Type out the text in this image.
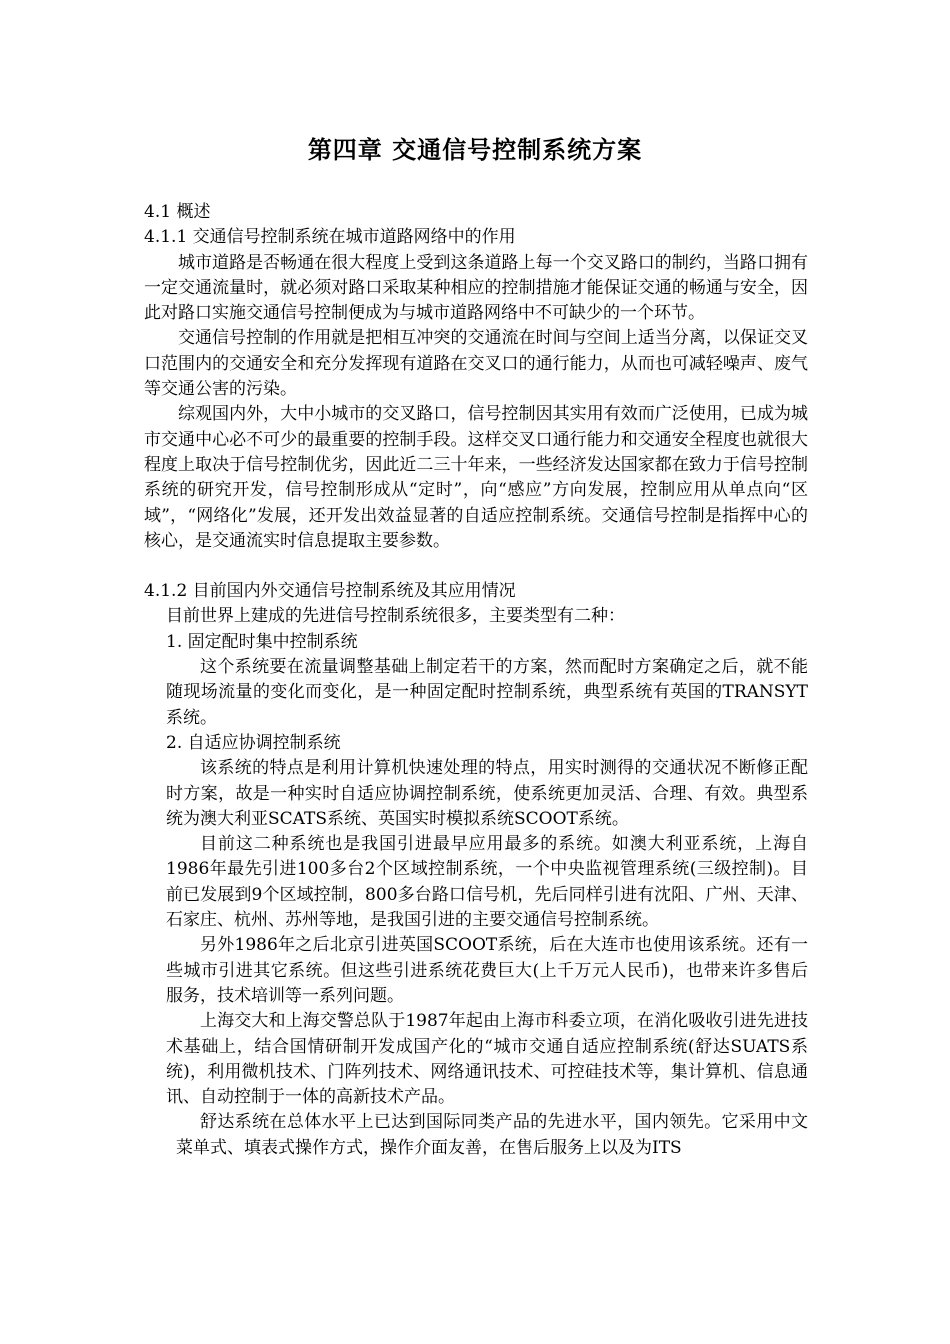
第四章 交通信号控制系统方案

4.1 概述

4.1.1 交通信号控制系统在城市道路网络中的作用

城市道路是否畅通在很大程度上受到这条道路上每一个交叉路口的制约，当路口拥有一定交通流量时，就必须对路口采取某种相应的控制措施才能保证交通的畅通与安全，因此对路口实施交通信号控制便成为与城市道路网络中不可缺少的一个环节。

交通信号控制的作用就是把相互冲突的交通流在时间与空间上适当分离，以保证交叉口范围内的交通安全和充分发挥现有道路在交叉口的通行能力，从而也可减轻噪声、废气等交通公害的污染。

综观国内外，大中小城市的交叉路口，信号控制因其实用有效而广泛使用，已成为城市交通中心必不可少的最重要的控制手段。这样交叉口通行能力和交通安全程度也就很大程度上取决于信号控制优劣，因此近二三十年来，一些经济发达国家都在致力于信号控制系统的研究开发，信号控制形成从“定时”，向“感应”方向发展，控制应用从单点向“区域”，“网络化”发展，还开发出效益显著的自适应控制系统。交通信号控制是指挥中心的核心，是交通流实时信息提取主要参数。

4.1.2 目前国内外交通信号控制系统及其应用情况

目前世界上建成的先进信号控制系统很多，主要类型有二种：

1. 固定配时集中控制系统

这个系统要在流量调整基础上制定若干的方案，然而配时方案确定之后，就不能随现场流量的变化而变化，是一种固定配时控制系统，典型系统有英国的TRANSYT系统。

2. 自适应协调控制系统

该系统的特点是利用计算机快速处理的特点，用实时测得的交通状况不断修正配时方案，故是一种实时自适应协调控制系统，使系统更加灵活、合理、有效。典型系统为澳大利亚SCATS系统、英国实时模拟系统SCOOT系统。

目前这二种系统也是我国引进最早应用最多的系统。如澳大利亚系统，上海自1986年最先引进100多台2个区域控制系统，一个中央监视管理系统(三级控制)。目前已发展到9个区域控制，800多台路口信号机，先后同样引进有沈阳、广州、天津、石家庄、杭州、苏州等地，是我国引进的主要交通信号控制系统。

另外1986年之后北京引进英国SCOOT系统，后在大连市也使用该系统。还有一些城市引进其它系统。但这些引进系统花费巨大(上千万元人民币)，也带来许多售后服务，技术培训等一系列问题。

上海交大和上海交警总队于1987年起由上海市科委立项，在消化吸收引进先进技术基础上，结合国情研制开发成国产化的“城市交通自适应控制系统(舒达SUATS系统)，利用微机技术、门阵列技术、网络通讯技术、可控硅技术等，集计算机、信息通讯、自动控制于一体的高新技术产品。

舒达系统在总体水平上已达到国际同类产品的先进水平，国内领先。它采用中文菜单式、填表式操作方式，操作介面友善，在售后服务上以及为ITS
